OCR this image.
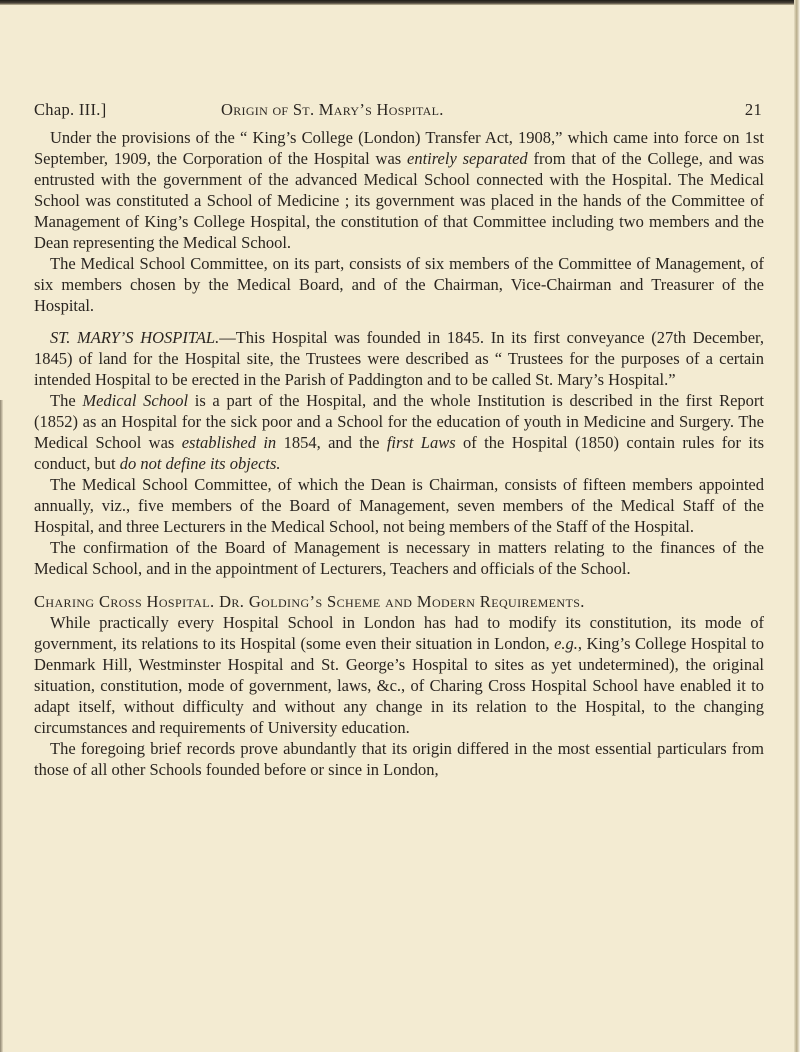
Chap. III.]	Origin of St. Mary’s Hospital.	21

Under the provisions of the “ King’s College (London) Transfer Act, 1908,” which came into force on 1st September, 1909, the Corporation of the Hospital was entirely separated from that of the College, and was entrusted with the government of the advanced Medical School connected with the Hospital. The Medical School was constituted a School of Medicine ; its government was placed in the hands of the Committee of Management of King’s College Hospital, the constitution of that Committee including two members and the Dean representing the Medical School.

The Medical School Committee, on its part, consists of six members of the Committee of Management, of six members chosen by the Medical Board, and of the Chairman, Vice-Chairman and Treasurer of the Hospital.

ST. MARY’S HOSPITAL.—This Hospital was founded in 1845. In its first conveyance (27th December, 1845) of land for the Hospital site, the Trustees were described as “ Trustees for the purposes of a certain intended Hospital to be erected in the Parish of Paddington and to be called St. Mary’s Hospital.”

The Medical School is a part of the Hospital, and the whole Institution is described in the first Report (1852) as an Hospital for the sick poor and a School for the education of youth in Medicine and Surgery. The Medical School was established in 1854, and the first Laws of the Hospital (1850) contain rules for its conduct, but do not define its objects.

The Medical School Committee, of which the Dean is Chairman, consists of fifteen members appointed annually, viz., five members of the Board of Management, seven members of the Medical Staff of the Hospital, and three Lecturers in the Medical School, not being members of the Staff of the Hospital.

The confirmation of the Board of Management is necessary in matters relating to the finances of the Medical School, and in the appointment of Lecturers, Teachers and officials of the School.

Charing Cross Hospital. Dr. Golding’s Scheme and Modern Requirements.

While practically every Hospital School in London has had to modify its constitution, its mode of government, its relations to its Hospital (some even their situation in London, e.g., King’s College Hospital to Denmark Hill, Westminster Hospital and St. George’s Hospital to sites as yet undetermined), the original situation, constitution, mode of government, laws, &c., of Charing Cross Hospital School have enabled it to adapt itself, without difficulty and without any change in its relation to the Hospital, to the changing circumstances and requirements of University education.

The foregoing brief records prove abundantly that its origin differed in the most essential particulars from those of all other Schools founded before or since in London,
